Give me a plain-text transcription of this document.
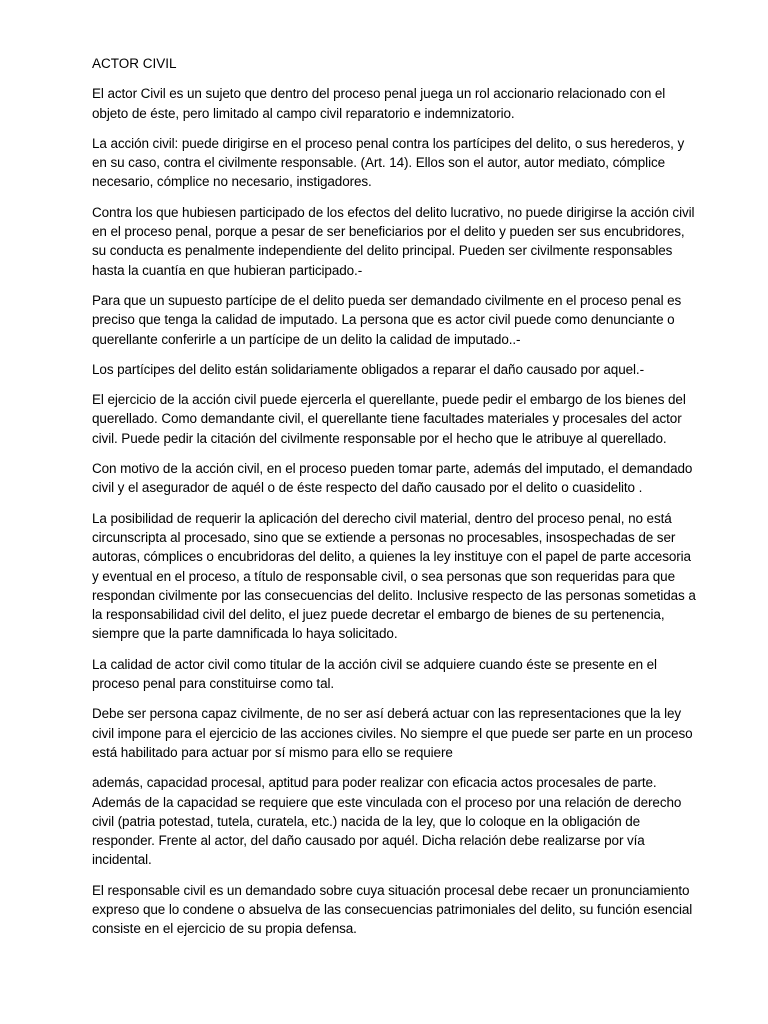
ACTOR CIVIL
El actor Civil es un sujeto que dentro del proceso penal juega un rol accionario relacionado con el
objeto de éste, pero limitado al campo civil reparatorio e indemnizatorio.
La acción civil: puede dirigirse en el proceso penal contra los partícipes del delito, o sus herederos, y
en su caso, contra el civilmente responsable. (Art. 14). Ellos son el autor, autor mediato, cómplice
necesario, cómplice no necesario, instigadores.
Contra los que hubiesen participado de los efectos del delito lucrativo, no puede dirigirse la acción civil
en el proceso penal, porque a pesar de ser beneficiarios por el delito y pueden ser sus encubridores,
su conducta es penalmente independiente del delito principal. Pueden ser civilmente responsables
hasta la cuantía en que hubieran participado.-
Para que un supuesto partícipe de el delito pueda ser demandado civilmente en el proceso penal es
preciso que tenga la calidad de imputado. La persona que es actor civil puede como denunciante o
querellante conferirle a un partícipe de un delito la calidad de imputado..-
Los partícipes del delito están solidariamente obligados a reparar el daño causado por aquel.-
El ejercicio de la acción civil puede ejercerla el querellante, puede pedir el embargo de los bienes del
querellado. Como demandante civil, el querellante tiene facultades materiales y procesales del actor
civil. Puede pedir la citación del civilmente responsable por el hecho que le atribuye al querellado.
Con motivo de la acción civil, en el proceso pueden tomar parte, además del imputado, el demandado
civil y el asegurador de aquél o de éste respecto del daño causado por el delito o cuasidelito .
La posibilidad de requerir la aplicación del derecho civil material, dentro del proceso penal, no está
circunscripta al procesado, sino que se extiende a personas no procesables, insospechadas de ser
autoras, cómplices o encubridoras del delito, a quienes la ley instituye con el papel de parte accesoria
y eventual en el proceso, a título de responsable civil, o sea personas que son requeridas para que
respondan civilmente por las consecuencias del delito. Inclusive respecto de las personas sometidas a
la responsabilidad civil del delito, el juez puede decretar el embargo de bienes de su pertenencia,
siempre que la parte damnificada lo haya solicitado.
La calidad de actor civil como titular de la acción civil se adquiere cuando éste se presente en el
proceso penal para constituirse como tal.
Debe ser persona capaz civilmente, de no ser así deberá actuar con las representaciones que la ley
civil impone para el ejercicio de las acciones civiles. No siempre el que puede ser parte en un proceso
está habilitado para actuar por sí mismo para ello se requiere
además, capacidad procesal, aptitud para poder realizar con eficacia actos procesales de parte.
Además de la capacidad se requiere que este vinculada con el proceso por una relación de derecho
civil (patria potestad, tutela, curatela, etc.) nacida de la ley, que lo coloque en la obligación de
responder. Frente al actor, del daño causado por aquél. Dicha relación debe realizarse por vía
incidental.
El responsable civil es un demandado sobre cuya situación procesal debe recaer un pronunciamiento
expreso que lo condene o absuelva de las consecuencias patrimoniales del delito, su función esencial
consiste en el ejercicio de su propia defensa.
